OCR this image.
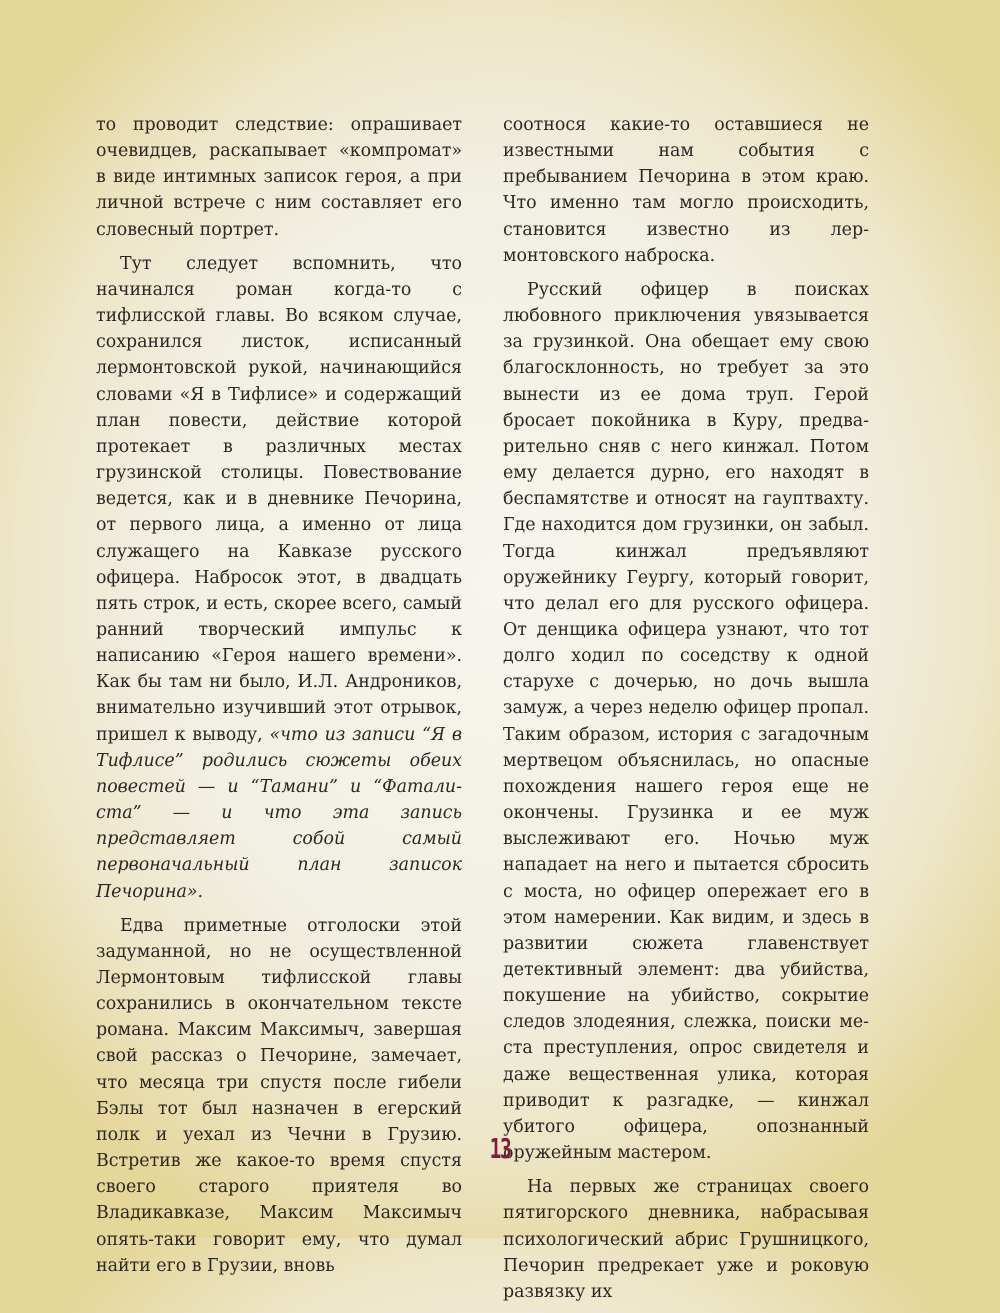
то проводит следствие: опрашивает очевидцев, раскапывает «компромат» в виде интимных записок героя, а при личной встрече с ним составляет его словесный портрет.

Тут следует вспомнить, что начинался роман когда-то с тифлисской главы. Во всяком случае, сохранился листок, исписанный лермонтовской рукой, начинающийся словами «Я в Тифлисе» и содержащий план повести, действие которой протекает в различных местах грузинской столицы. Повествование ведется, как и в дневнике Печорина, от первого лица, а именно от лица служащего на Кавказе русского офицера. Набросок этот, в двадцать пять строк, и есть, скорее всего, самый ранний творческий импульс к написанию «Героя нашего времени». Как бы там ни было, И.Л. Андроников, внимательно изучивший этот отрывок, пришел к выводу, «что из записи “Я в Тифлисе” родились сюжеты обеих повестей — и “Тамани” и “Фаталиста” — и что эта запись представляет собой самый первоначальный план записок Печорина».

Едва приметные отголоски этой задуманной, но не осуществленной Лермонтовым тифлисской главы сохранились в окончательном тексте романа. Максим Максимыч, завершая свой рассказ о Печорине, замечает, что месяца три спустя после гибели Бэлы тот был назначен в егерский полк и уехал из Чечни в Грузию. Встретив же какое-то время спустя своего старого приятеля во Владикавказе, Максим Максимыч опять-таки говорит ему, что думал найти его в Грузии, вновь

соотнося какие-то оставшиеся не известными нам события с пребыванием Печорина в этом краю. Что именно там могло происходить, становится известно из лермонтовского наброска.

Русский офицер в поисках любовного приключения увязывается за грузинкой. Она обещает ему свою благосклонность, но требует за это вынести из ее дома труп. Герой бросает покойника в Куру, предварительно сняв с него кинжал. Потом ему делается дурно, его находят в беспамятстве и относят на гауптвахту. Где находится дом грузинки, он забыл. Тогда кинжал предъявляют оружейнику Геургу, который говорит, что делал его для русского офицера. От денщика офицера узнают, что тот долго ходил по соседству к одной старухе с дочерью, но дочь вышла замуж, а через неделю офицер пропал. Таким образом, история с загадочным мертвецом объяснилась, но опасные похождения нашего героя еще не окончены. Грузинка и ее муж выслеживают его. Ночью муж нападает на него и пытается сбросить с моста, но офицер опережает его в этом намерении. Как видим, и здесь в развитии сюжета главенствует детективный элемент: два убийства, покушение на убийство, сокрытие следов злодеяния, слежка, поиски места преступления, опрос свидетеля и даже вещественная улика, которая приводит к разгадке, — кинжал убитого офицера, опознанный оружейным мастером.

На первых же страницах своего пятигорского дневника, набрасывая психологический абрис Грушницкого, Печорин предрекает уже и роковую развязку их

13
